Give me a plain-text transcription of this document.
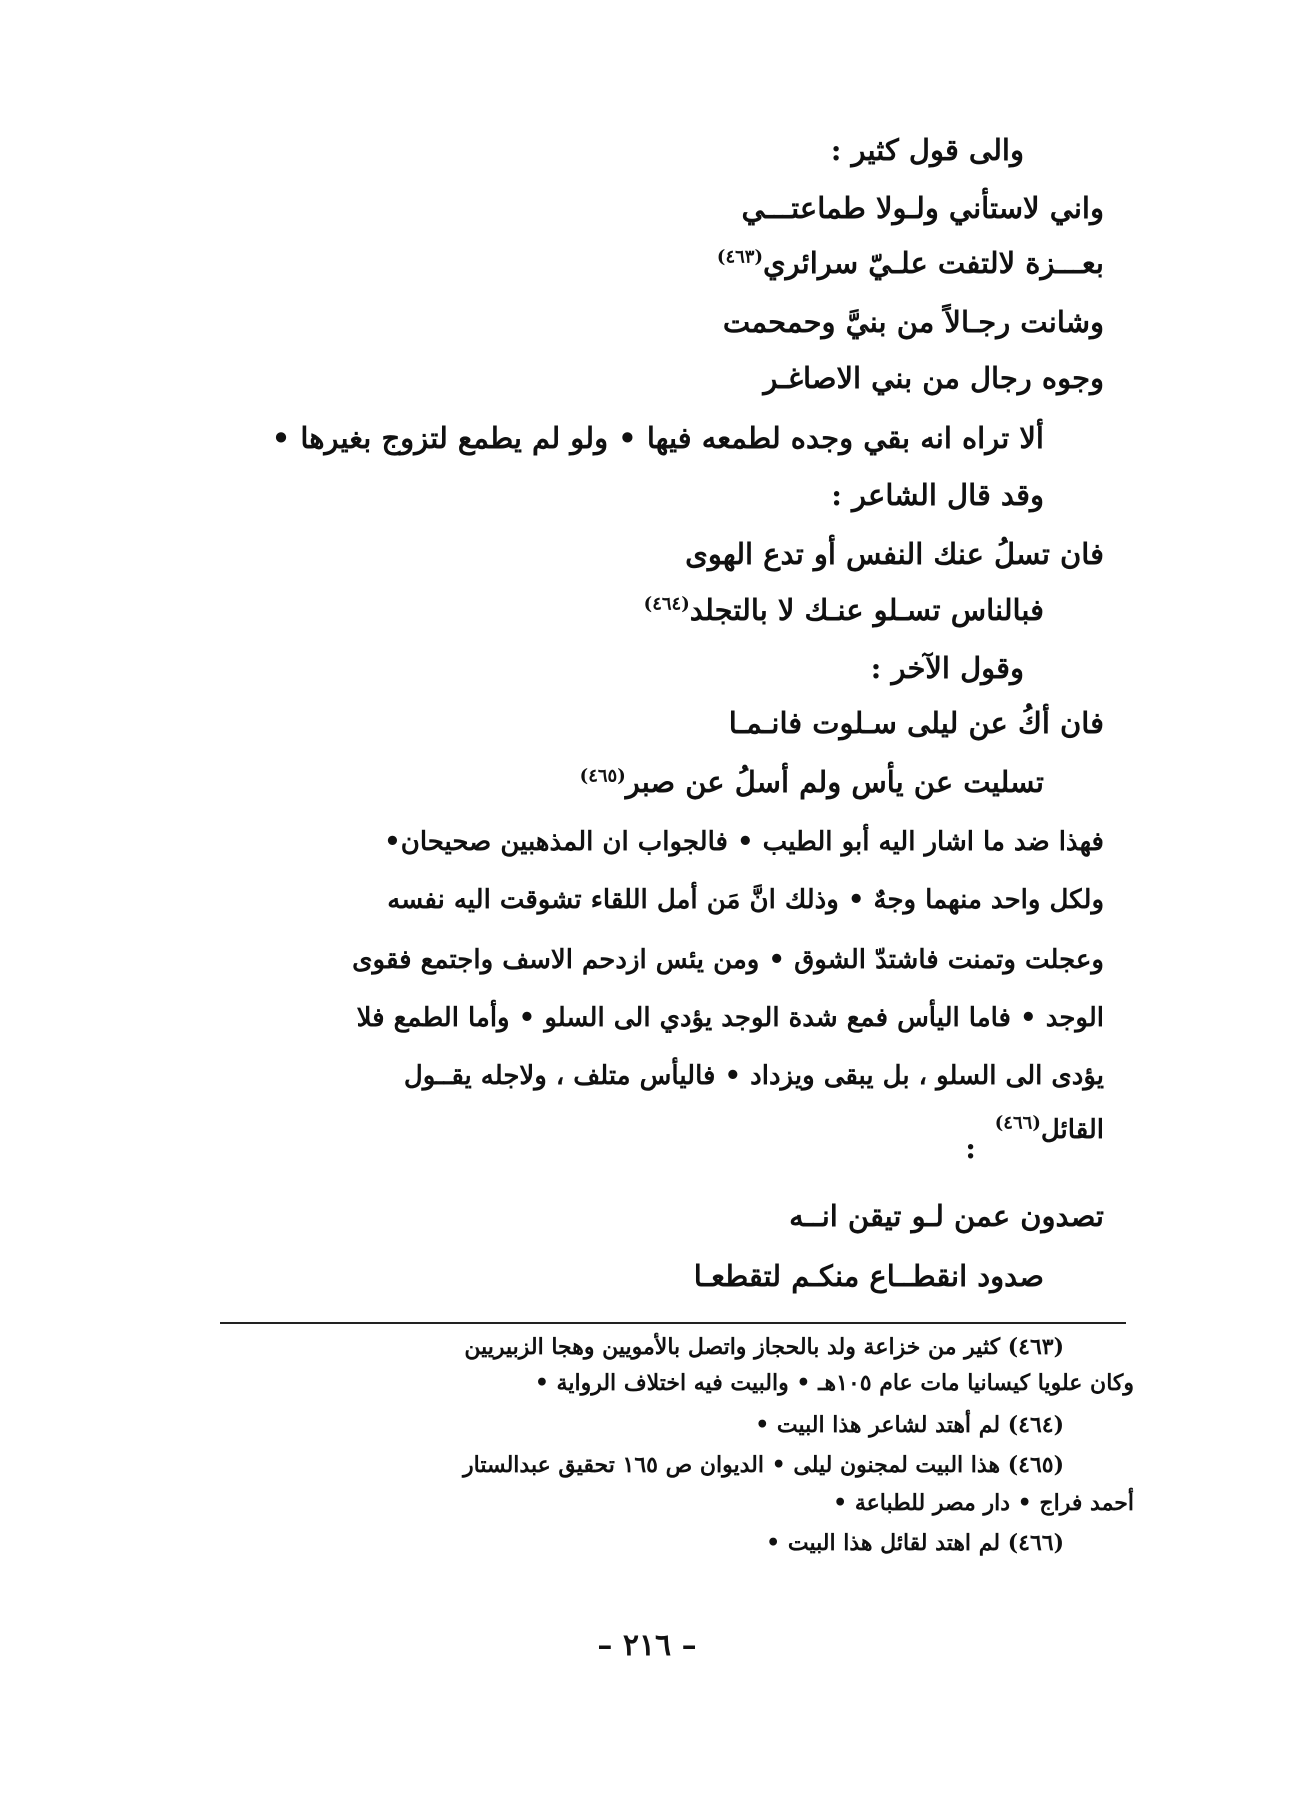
والى قول كثير :
واني لاستأني ولـولا طماعتـــي
بعـــزة لالتفت علـيّ سرائري$^{(٤٦٣)}$
وشانت رجـالاً من بنيَّ وحمحمت
وجوه رجال من بني الاصاغـر
ألا تراه انه بقي وجده لطمعه فيها • ولو لم يطمع لتزوج بغيرها •
وقد قال الشاعر :
فان تسلُ عنك النفس أو تدع الهوى
فبالناس تسـلو عنـك لا بالتجلد$^{(٤٦٤)}$
وقول الآخر :
فان أكُ عن ليلى سـلوت فانـمـا
تسليت عن يأس ولم أسلُ عن صبر$^{(٤٦٥)}$
فهذا ضد ما اشار اليه أبو الطيب • فالجواب ان المذهبين صحيحان•
ولكل واحد منهما وجهٌ • وذلك انَّ مَن أمل اللقاء تشوقت اليه نفسه
وعجلت وتمنت فاشتدّ الشوق • ومن يئس ازدحم الاسف واجتمع فقوى
الوجد • فاما اليأس فمع شدة الوجد يؤدي الى السلو • وأما الطمع فلا
يؤدى الى السلو ، بل يبقى ويزداد • فاليأس متلف ، ولاجله يقــول
القائل$^{(٤٦٦)}$
:
تصدون عمن لـو تيقن انــه
صدود انقطــاع منكـم لتقطعـا
(٤٦٣) كثير من خزاعة ولد بالحجاز واتصل بالأمويين وهجا الزبيريين
وكان علويا كيسانيا مات عام ١٠٥هـ • والبيت فيه اختلاف الرواية •
(٤٦٤) لم أهتد لشاعر هذا البيت •
(٤٦٥) هذا البيت لمجنون ليلى • الديوان ص ١٦٥ تحقيق عبدالستار
أحمد فراج • دار مصر للطباعة •
(٤٦٦) لم اهتد لقائل هذا البيت •
– ٢١٦ –
